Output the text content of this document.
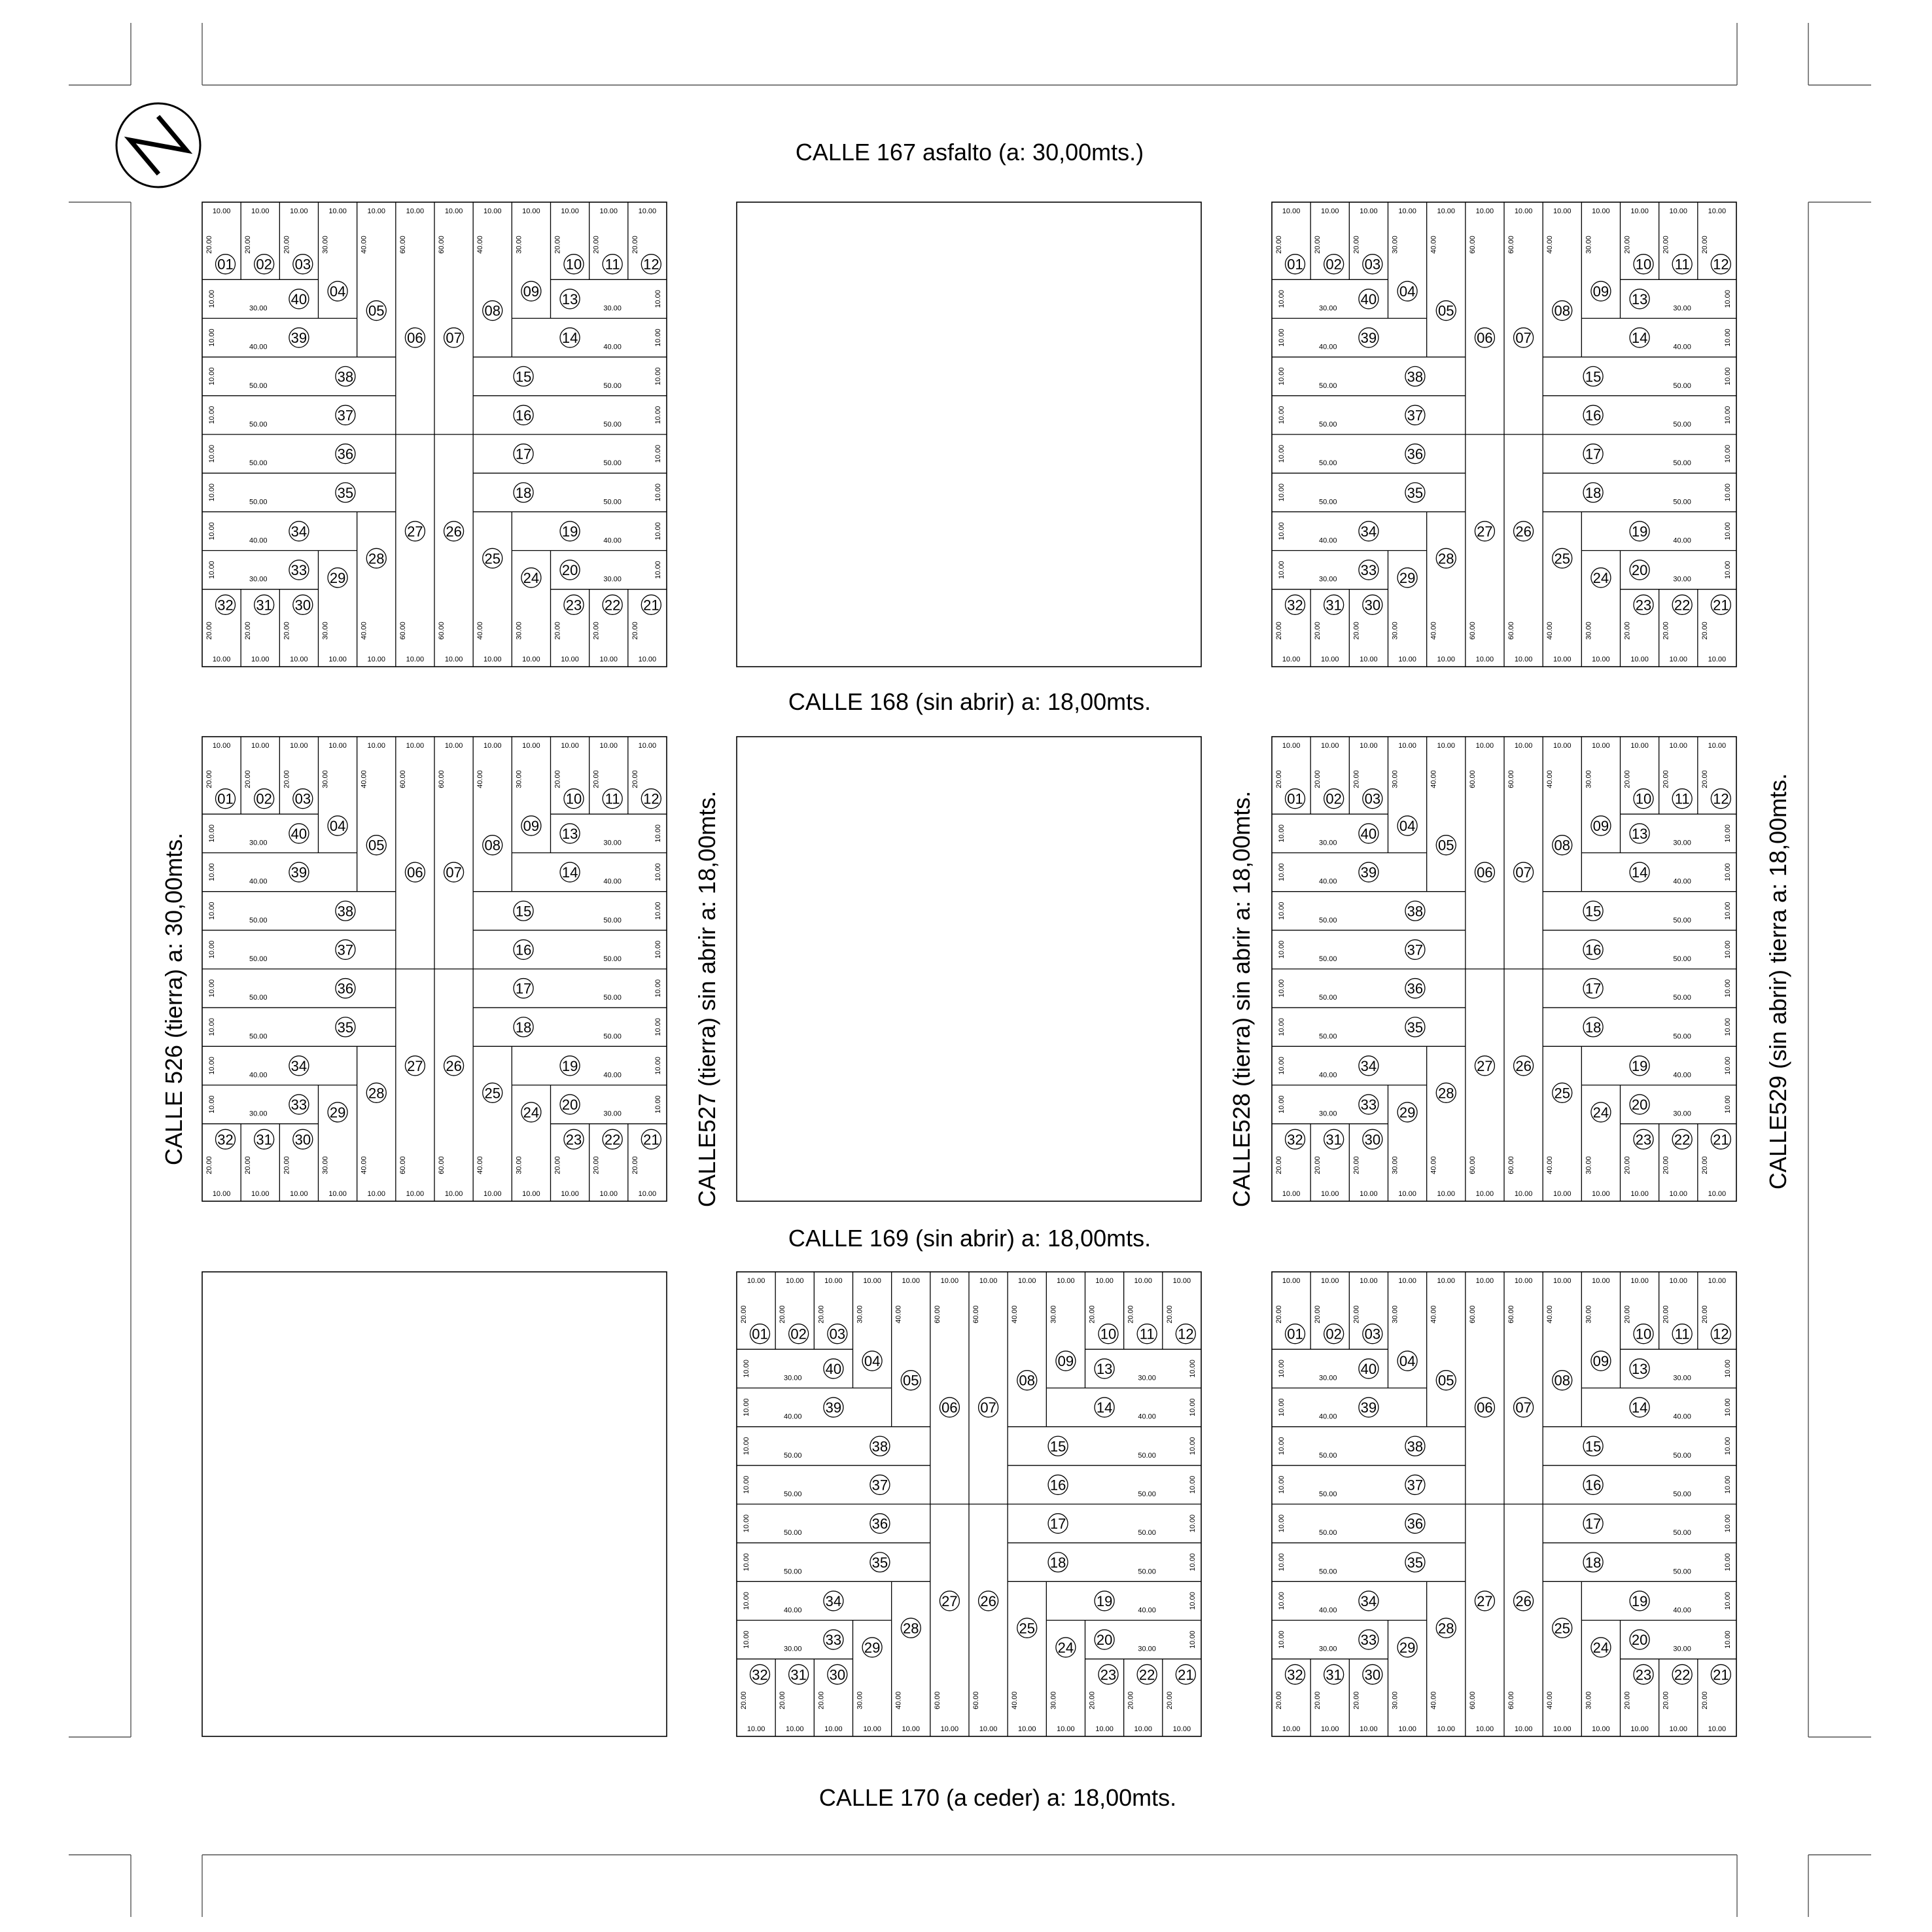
CALLE 167 asfalto (a: 30,00mts.)
CALLE 168 (sin abrir) a: 18,00mts.
CALLE 169 (sin abrir) a: 18,00mts.
CALLE 170 (a ceder) a: 18,00mts.
CALLE 526 (tierra) a: 30,00mts.	CALLE527 (tierra) sin abrir a: 18,00mts.	CALLE528 (tierra) sin abrir a: 18,00mts.	CALLE529 (sin abrir) tierra a: 18,00mts.
10.00
10.00
10.00
10.00
10.00
10.00
10.00
10.00
10.00
10.00
10.00
10.00
10.00
10.00
10.00
10.00
10.00
10.00
10.00
10.00
10.00
10.00
10.00
10.00
20.00
20.00
20.00
20.00
20.00
20.00
30.00
30.00
40.00
40.00
60.00
60.00
60.00
60.00
40.00
40.00
30.00
30.00
20.00
20.00
20.00
20.00
20.00
20.00
10.00	10.00
30.00	30.00
10.00	10.00
40.00	40.00
10.00	10.00
50.00	50.00
10.00	10.00
50.00	50.00
10.00	10.00
50.00	50.00
10.00	10.00
50.00	50.00
10.00	10.00
40.00	40.00
10.00	10.00
30.00	30.00
01 02 03
04
05
06 07
08
09
10 11 12
13
14
15
16
17
18
19
20
21
22
23
24
25
26
27
28
29
30
31
32
33
34
35
36
37
38
39
40
10.00
10.00
10.00
10.00
10.00
10.00
10.00
10.00
10.00
10.00
10.00
10.00
10.00
10.00
10.00
10.00
10.00
10.00
10.00
10.00
10.00
10.00
10.00
10.00
20.00
20.00
20.00
20.00
20.00
20.00
30.00
30.00
40.00
40.00
60.00
60.00
60.00
60.00
40.00
40.00
30.00
30.00
20.00
20.00
20.00
20.00
20.00
20.00
10.00	10.00
30.00	30.00
10.00	10.00
40.00	40.00
10.00	10.00
50.00	50.00
10.00	10.00
50.00	50.00
10.00	10.00
50.00	50.00
10.00	10.00
50.00	50.00
10.00	10.00
40.00	40.00
10.00	10.00
30.00	30.00
01 02 03
04
05
06 07
08
09
10 11 12
13
14
15
16
17
18
19
20
21
22
23
24
25
26
27
28
29
30
31
32
33
34
35
36
37
38
39
40
10.00
10.00
10.00
10.00
10.00
10.00
10.00
10.00
10.00
10.00
10.00
10.00
10.00
10.00
10.00
10.00
10.00
10.00
10.00
10.00
10.00
10.00
10.00
10.00
20.00
20.00
20.00
20.00
20.00
20.00
30.00
30.00
40.00
40.00
60.00
60.00
60.00
60.00
40.00
40.00
30.00
30.00
20.00
20.00
20.00
20.00
20.00
20.00
10.00	10.00
30.00	30.00
10.00	10.00
40.00	40.00
10.00	10.00
50.00	50.00
10.00	10.00
50.00	50.00
10.00	10.00
50.00	50.00
10.00	10.00
50.00	50.00
10.00	10.00
40.00	40.00
10.00	10.00
30.00	30.00
01 02 03
04
05
06 07
08
09
10 11 12
13
14
15
16
17
18
19
20
21
22
23
24
25
26
27
28
29
30
31
32
33
34
35
36
37
38
39
40
10.00
10.00
10.00
10.00
10.00
10.00
10.00
10.00
10.00
10.00
10.00
10.00
10.00
10.00
10.00
10.00
10.00
10.00
10.00
10.00
10.00
10.00
10.00
10.00
20.00
20.00
20.00
20.00
20.00
20.00
30.00
30.00
40.00
40.00
60.00
60.00
60.00
60.00
40.00
40.00
30.00
30.00
20.00
20.00
20.00
20.00
20.00
20.00
10.00	10.00
30.00	30.00
10.00	10.00
40.00	40.00
10.00	10.00
50.00	50.00
10.00	10.00
50.00	50.00
10.00	10.00
50.00	50.00
10.00	10.00
50.00	50.00
10.00	10.00
40.00	40.00
10.00	10.00
30.00	30.00
01 02 03
04
05
06 07
08
09
10 11 12
13
14
15
16
17
18
19
20
21
22
23
24
25
26
27
28
29
30
31
32
33
34
35
36
37
38
39
40
10.00
10.00
10.00
10.00
10.00
10.00
10.00
10.00
10.00
10.00
10.00
10.00
10.00
10.00
10.00
10.00
10.00
10.00
10.00
10.00
10.00
10.00
10.00
10.00
20.00
20.00
20.00
20.00
20.00
20.00
30.00
30.00
40.00
40.00
60.00
60.00
60.00
60.00
40.00
40.00
30.00
30.00
20.00
20.00
20.00
20.00
20.00
20.00
10.00	10.00
30.00	30.00
10.00	10.00
40.00	40.00
10.00	10.00
50.00	50.00
10.00	10.00
50.00	50.00
10.00	10.00
50.00	50.00
10.00	10.00
50.00	50.00
10.00	10.00
40.00	40.00
10.00	10.00
30.00	30.00
01 02 03
04
05
06 07
08
09
10 11 12
13
14
15
16
17
18
19
20
21
22
23
24
25
26
27
28
29
30
31
32
33
34
35
36
37
38
39
40
10.00
10.00
10.00
10.00
10.00
10.00
10.00
10.00
10.00
10.00
10.00
10.00
10.00
10.00
10.00
10.00
10.00
10.00
10.00
10.00
10.00
10.00
10.00
10.00
20.00
20.00
20.00
20.00
20.00
20.00
30.00
30.00
40.00
40.00
60.00
60.00
60.00
60.00
40.00
40.00
30.00
30.00
20.00
20.00
20.00
20.00
20.00
20.00
10.00	10.00
30.00	30.00
10.00	10.00
40.00	40.00
10.00	10.00
50.00	50.00
10.00	10.00
50.00	50.00
10.00	10.00
50.00	50.00
10.00	10.00
50.00	50.00
10.00	10.00
40.00	40.00
10.00	10.00
30.00	30.00
01 02 03
04
05
06 07
08
09
10 11 12
13
14
15
16
17
18
19
20
21
22
23
24
25
26
27
28
29
30
31
32
33
34
35
36
37
38
39
40
